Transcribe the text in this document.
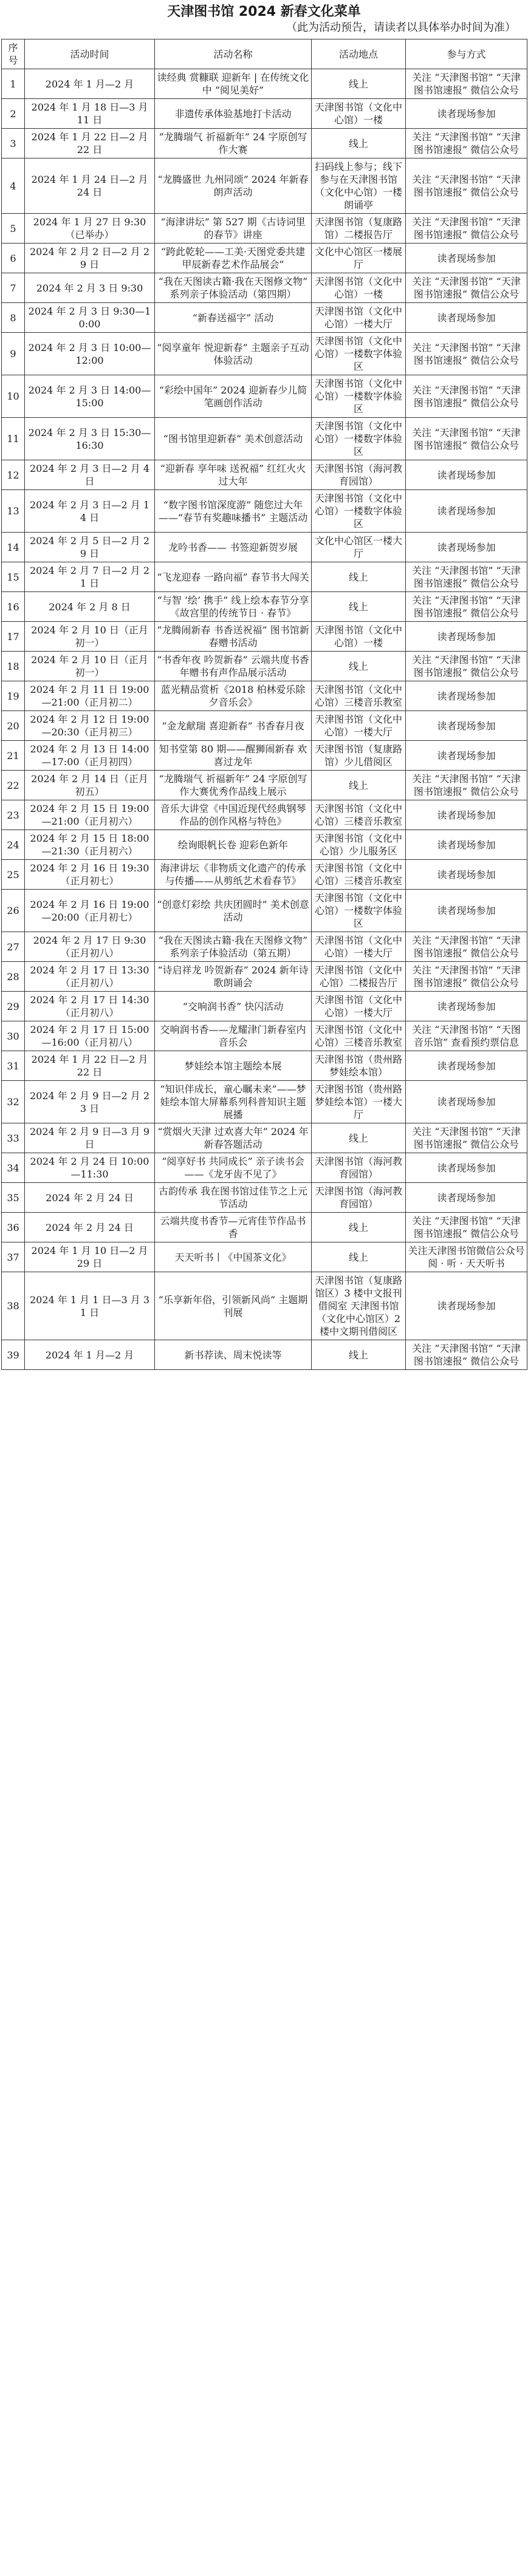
天津图书馆 2024 新春文化菜单

（此为活动预告，请读者以具体举办时间为准）

序号	活动时间	活动名称	活动地点	参与方式
1	2024 年 1 月—2 月	读经典 赏糠联 迎新年 | 在传统文化中 “阅见美好”	线上	关注 “天津图书馆” “天津图书馆速报” 微信公众号
2	2024 年 1 月 18 日—3 月 11 日	非遗传承体验基地打卡活动	天津图书馆（文化中心馆）一楼	读者现场参加
3	2024 年 1 月 22 日—2 月 22 日	“龙腾瑞气 祈福新年” 24 字原创写作大赛	线上	关注 “天津图书馆” “天津图书馆速报” 微信公众号
4	2024 年 1 月 24 日—2 月 24 日	“龙腾盛世 九州同颂” 2024 年新春朗声活动	扫码线上参与；线下参与在天津图书馆（文化中心馆）一楼朗诵亭	关注 “天津图书馆” “天津图书馆速报” 微信公众号
5	2024 年 1 月 27 日 9:30（已举办）	“海津讲坛” 第 527 期《古诗词里的春节》讲座	天津图书馆（复康路馆）二楼报告厅	关注 “天津图书馆” “天津图书馆速报” 微信公众号
6	2024 年 2 月 2 日—2 月 29 日	“跨此乾轮——工美·天图党委共建甲辰新春艺术作品展会”	文化中心馆区一楼展厅	读者现场参加
7	2024 年 2 月 3 日 9:30	“我在天图读古籍·我在天图修文物” 系列亲子体验活动（第四期）	天津图书馆（文化中心馆）一楼	关注 “天津图书馆” “天津图书馆速报” 微信公众号
8	2024 年 2 月 3 日 9:30—10:00	“新春送福字” 活动	天津图书馆（文化中心馆）一楼大厅	读者现场参加
9	2024 年 2 月 3 日 10:00—12:00	“阅享童年 悦迎新春” 主题亲子互动体验活动	天津图书馆（文化中心馆）一楼数字体验区	关注 “天津图书馆” “天津图书馆速报” 微信公众号
10	2024 年 2 月 3 日 14:00—15:00	“彩绘中国年” 2024 迎新春少儿简笔画创作活动	天津图书馆（文化中心馆）一楼数字体验区	关注 “天津图书馆” “天津图书馆速报” 微信公众号
11	2024 年 2 月 3 日 15:30—16:30	“图书馆里迎新春” 美术创意活动	天津图书馆（文化中心馆）一楼数字体验区	关注 “天津图书馆” “天津图书馆速报” 微信公众号
12	2024 年 2 月 3 日—2 月 4 日	“迎新春 享年味 送祝福” 红红火火过大年	天津图书馆（海河教育园馆）	读者现场参加
13	2024 年 2 月 3 日—2 月 14 日	“数字图书馆深度游” 随您过大年——“春节有奖趣味播书” 主题活动	天津图书馆（文化中心馆）一楼数字体验区	读者现场参加
14	2024 年 2 月 5 日—2 月 29 日	龙吟书香—— 书签迎新贺岁展	文化中心馆区一楼大厅	读者现场参加
15	2024 年 2 月 7 日—2 月 21 日	“飞龙迎春 一路向福” 春节书大闯关	线上	关注 “天津图书馆” “天津图书馆速报” 微信公众号
16	2024 年 2 月 8 日	“与智 ‘绘’ 携手” 线上绘本春节分享《故宫里的传统节日 · 春节》	线上	关注 “天津图书馆” “天津图书馆速报” 微信公众号
17	2024 年 2 月 10 日（正月初一）	“龙腾闹新春 书香送祝福” 图书馆新春赠书活动	天津图书馆（文化中心馆）一楼	读者现场参加
18	2024 年 2 月 10 日（正月初一）	“书香年夜 吟贺新春” 云端共度书香年赠书有声作品展示活动	线上	关注 “天津图书馆” “天津图书馆速报” 微信公众号
19	2024 年 2 月 11 日 19:00—21:00（正月初二）	蓝光精品赏析《2018 柏林爱乐除夕音乐会》	天津图书馆（文化中心馆）三楼音乐教室	读者现场参加
20	2024 年 2 月 12 日 19:00—20:30（正月初三）	“金龙献瑞 喜迎新春” 书香春月夜	天津图书馆（文化中心馆）一楼大厅	读者现场参加
21	2024 年 2 月 13 日 14:00—17:00（正月初四）	知书堂第 80 期——醒狮闹新春 欢喜过龙年	天津图书馆（复康路馆）少儿借阅区	读者现场参加
22	2024 年 2 月 14 日（正月初五）	“龙腾瑞气 祈福新年” 24 字原创写作大赛优秀作品线上展示	线上	关注 “天津图书馆” “天津图书馆速报” 微信公众号
23	2024 年 2 月 15 日 19:00—21:00（正月初六）	音乐大讲堂《中国近现代经典钢琴作品的创作风格与特色》	天津图书馆（文化中心馆）三楼音乐教室	读者现场参加
24	2024 年 2 月 15 日 18:00—21:30（正月初六）	绘询眼帆长卷 迎彩色新年	天津图书馆（文化中心馆）少儿服务区	读者现场参加
25	2024 年 2 月 16 日 19:30（正月初七）	海津讲坛《非物质文化遗产的传承与传播——从剪纸艺术看春节》	天津图书馆（文化中心馆）三楼音乐教室	读者现场参加
26	2024 年 2 月 16 日 19:00—20:00（正月初七）	“创意灯彩绘 共庆团圆时” 美术创意活动	天津图书馆（文化中心馆）一楼数字体验区	读者现场参加
27	2024 年 2 月 17 日 9:30（正月初八）	“我在天图读古籍·我在天图修文物” 系列亲子体验活动（第五期）	天津图书馆（文化中心馆）一楼大厅	关注 “天津图书馆” “天津图书馆速报” 微信公众号
28	2024 年 2 月 17 日 13:30（正月初八）	“诗启祥龙 吟贺新春” 2024 新年诗歌朗诵会	天津图书馆（文化中心馆）二楼报告厅	关注 “天津图书馆” “天津图书馆速报” 微信公众号
29	2024 年 2 月 17 日 14:30（正月初八）	“交响润书香” 快闪活动	天津图书馆（文化中心馆）一楼大厅	读者现场参加
30	2024 年 2 月 17 日 15:00—16:00（正月初八）	交响润书香——龙耀津门新春室内音乐会	天津图书馆（文化中心馆）三楼音乐教室	关注 “天津图书馆” “天图音乐馆” 查看预约票信息
31	2024 年 1 月 22 日—2 月 22 日	梦娃绘本馆主题绘本展	天津图书馆（贵州路梦娃绘本馆）	读者现场参加
32	2024 年 2 月 9 日—2 月 23 日	“知识伴成长，童心瞩未来”——梦娃绘本馆大屏幕系列科普知识主题展播	天津图书馆（贵州路梦娃绘本馆）一楼大厅	读者现场参加
33	2024 年 2 月 9 日—3 月 9 日	“赏烟火天津 过欢喜大年” 2024 年新春答题活动	线上	关注 “天津图书馆” “天津图书馆速报” 微信公众号
34	2024 年 2 月 24 日 10:00—11:30	“阅享好书 共同成长” 亲子读书会——《龙牙齿不见了》	天津图书馆（海河教育园馆）	读者现场参加
35	2024 年 2 月 24 日	古韵传承 我在图书馆过佳节之上元节活动	天津图书馆（海河教育园馆）	读者现场参加
36	2024 年 2 月 24 日	云端共度书香节—元宵佳节作品书香	线上	关注 “天津图书馆” “天津图书馆速报” 微信公众号
37	2024 年 1 月 10 日—2 月 29 日	天天听书丨《中国茶文化》	线上	关注天津图书馆微信公众号 阅 · 听 · 天天听书
38	2024 年 1 月 1 日—3 月 31 日	“乐享新年俗，引领新风尚” 主题期刊展	天津图书馆（复康路馆区）3 楼中文报刊借阅室 天津图书馆（文化中心馆区）2 楼中文期刊借阅区	读者现场参加
39	2024 年 1 月—2 月	新书荐读、周末悦读等	线上	关注 “天津图书馆” “天津图书馆速报” 微信公众号
